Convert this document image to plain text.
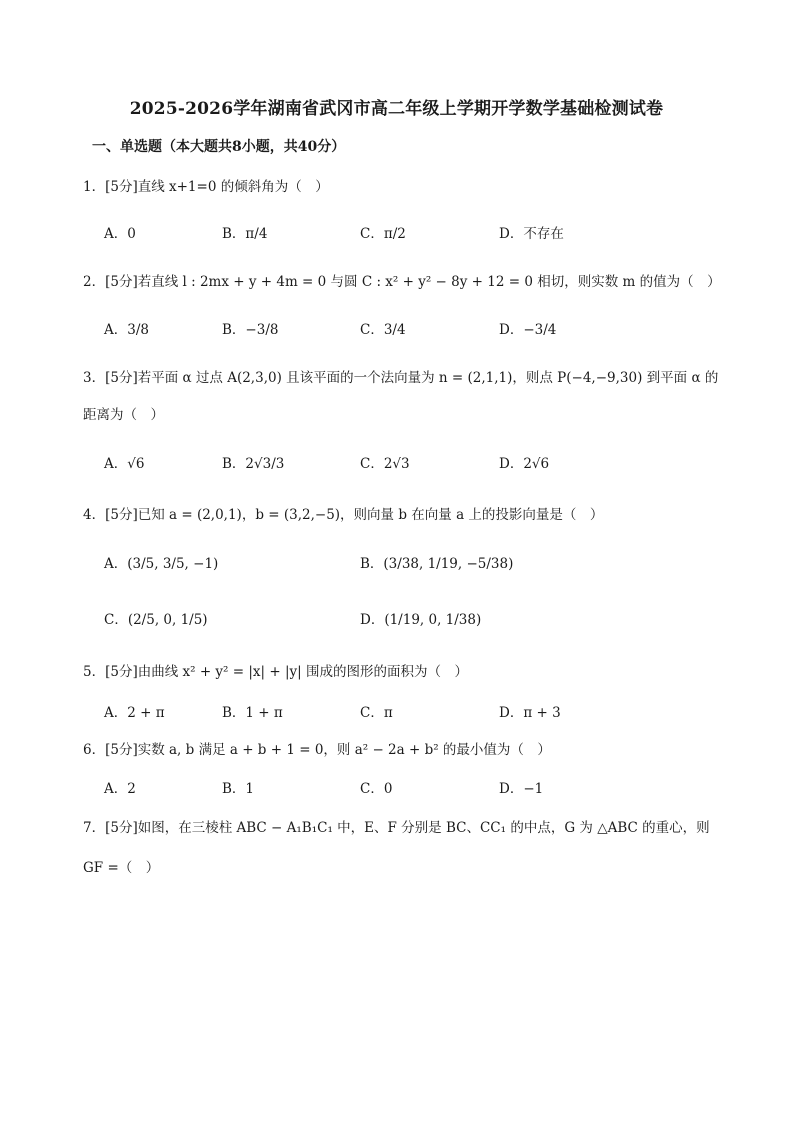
2025-2026学年湖南省武冈市高二年级上学期开学数学基础检测试卷
一、单选题（本大题共8小题，共40分）
1．[5分]直线 x+1=0 的倾斜角为（　）
A．0	B．π/4	C．π/2	D．不存在
2．[5分]若直线 l : 2mx + y + 4m = 0 与圆 C : x² + y² − 8y + 12 = 0 相切，则实数 m 的值为（　）
A．3/8	B．−3/8	C．3/4	D．−3/4
3．[5分]若平面 α 过点 A(2,3,0) 且该平面的一个法向量为 n = (2,1,1)，则点 P(−4,−9,30) 到平面 α 的
距离为（　）
A．√6	B．2√3/3	C．2√3	D．2√6
4．[5分]已知 a = (2,0,1)，b = (3,2,−5)，则向量 b 在向量 a 上的投影向量是（　）
A．(3/5, 3/5, −1)	B．(3/38, 1/19, −5/38)
C．(2/5, 0, 1/5)	D．(1/19, 0, 1/38)
5．[5分]由曲线 x² + y² = |x| + |y| 围成的图形的面积为（　）
A．2 + π	B．1 + π	C．π	D．π + 3
6．[5分]实数 a, b 满足 a + b + 1 = 0，则 a² − 2a + b² 的最小值为（　）
A．2	B．1	C．0	D．−1
7．[5分]如图，在三棱柱 ABC − A₁B₁C₁ 中，E、F 分别是 BC、CC₁ 的中点，G 为 △ABC 的重心，则
GF =（　）
